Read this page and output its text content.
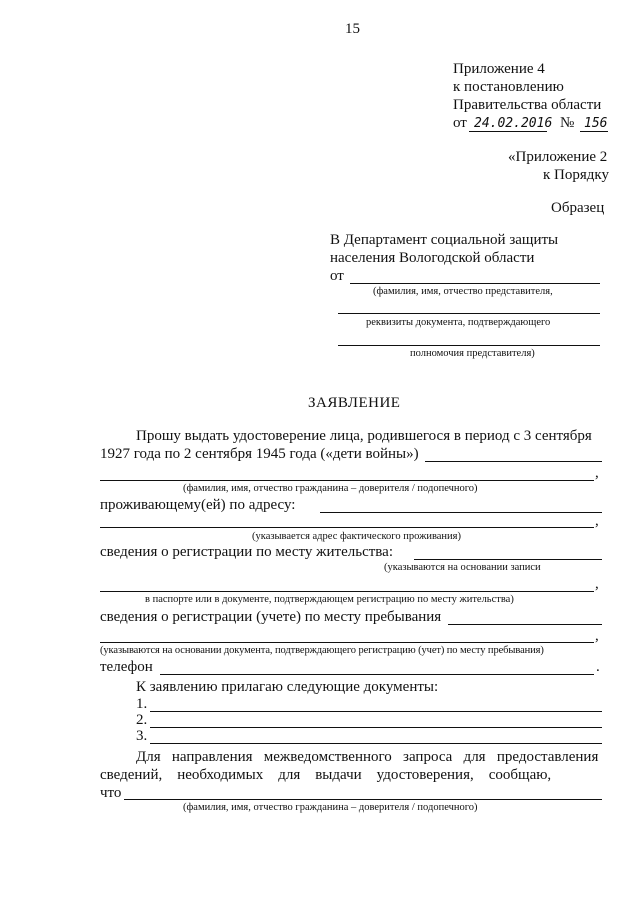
15
Приложение 4
к постановлению
Правительства области
от 24.02.2016 № 156
«Приложение 2
к Порядку
Образец
В Департамент социальной защиты
населения Вологодской области
от
(фамилия, имя, отчество представителя,
реквизиты документа, подтверждающего
полномочия представителя)
ЗАЯВЛЕНИЕ
Прошу выдать удостоверение лица, родившегося в период с 3 сентября
1927 года по 2 сентября 1945 года («дети войны»)
,
(фамилия, имя, отчество гражданина – доверителя / подопечного)
проживающему(ей) по адресу:
,
(указывается адрес фактического проживания)
сведения о регистрации по месту жительства:
(указываются на основании записи
,
в паспорте или в документе, подтверждающем регистрацию по месту жительства)
сведения о регистрации (учете) по месту пребывания
,
(указываются на основании документа, подтверждающего регистрацию (учет) по месту пребывания)
телефон	.
К заявлению прилагаю следующие документы:
1.
2.
3.
Для   направления   межведомственного   запроса   для   предоставления
сведений,    необходимых    для    выдачи    удостоверения,    сообщаю,
что
(фамилия, имя, отчество гражданина – доверителя / подопечного)
